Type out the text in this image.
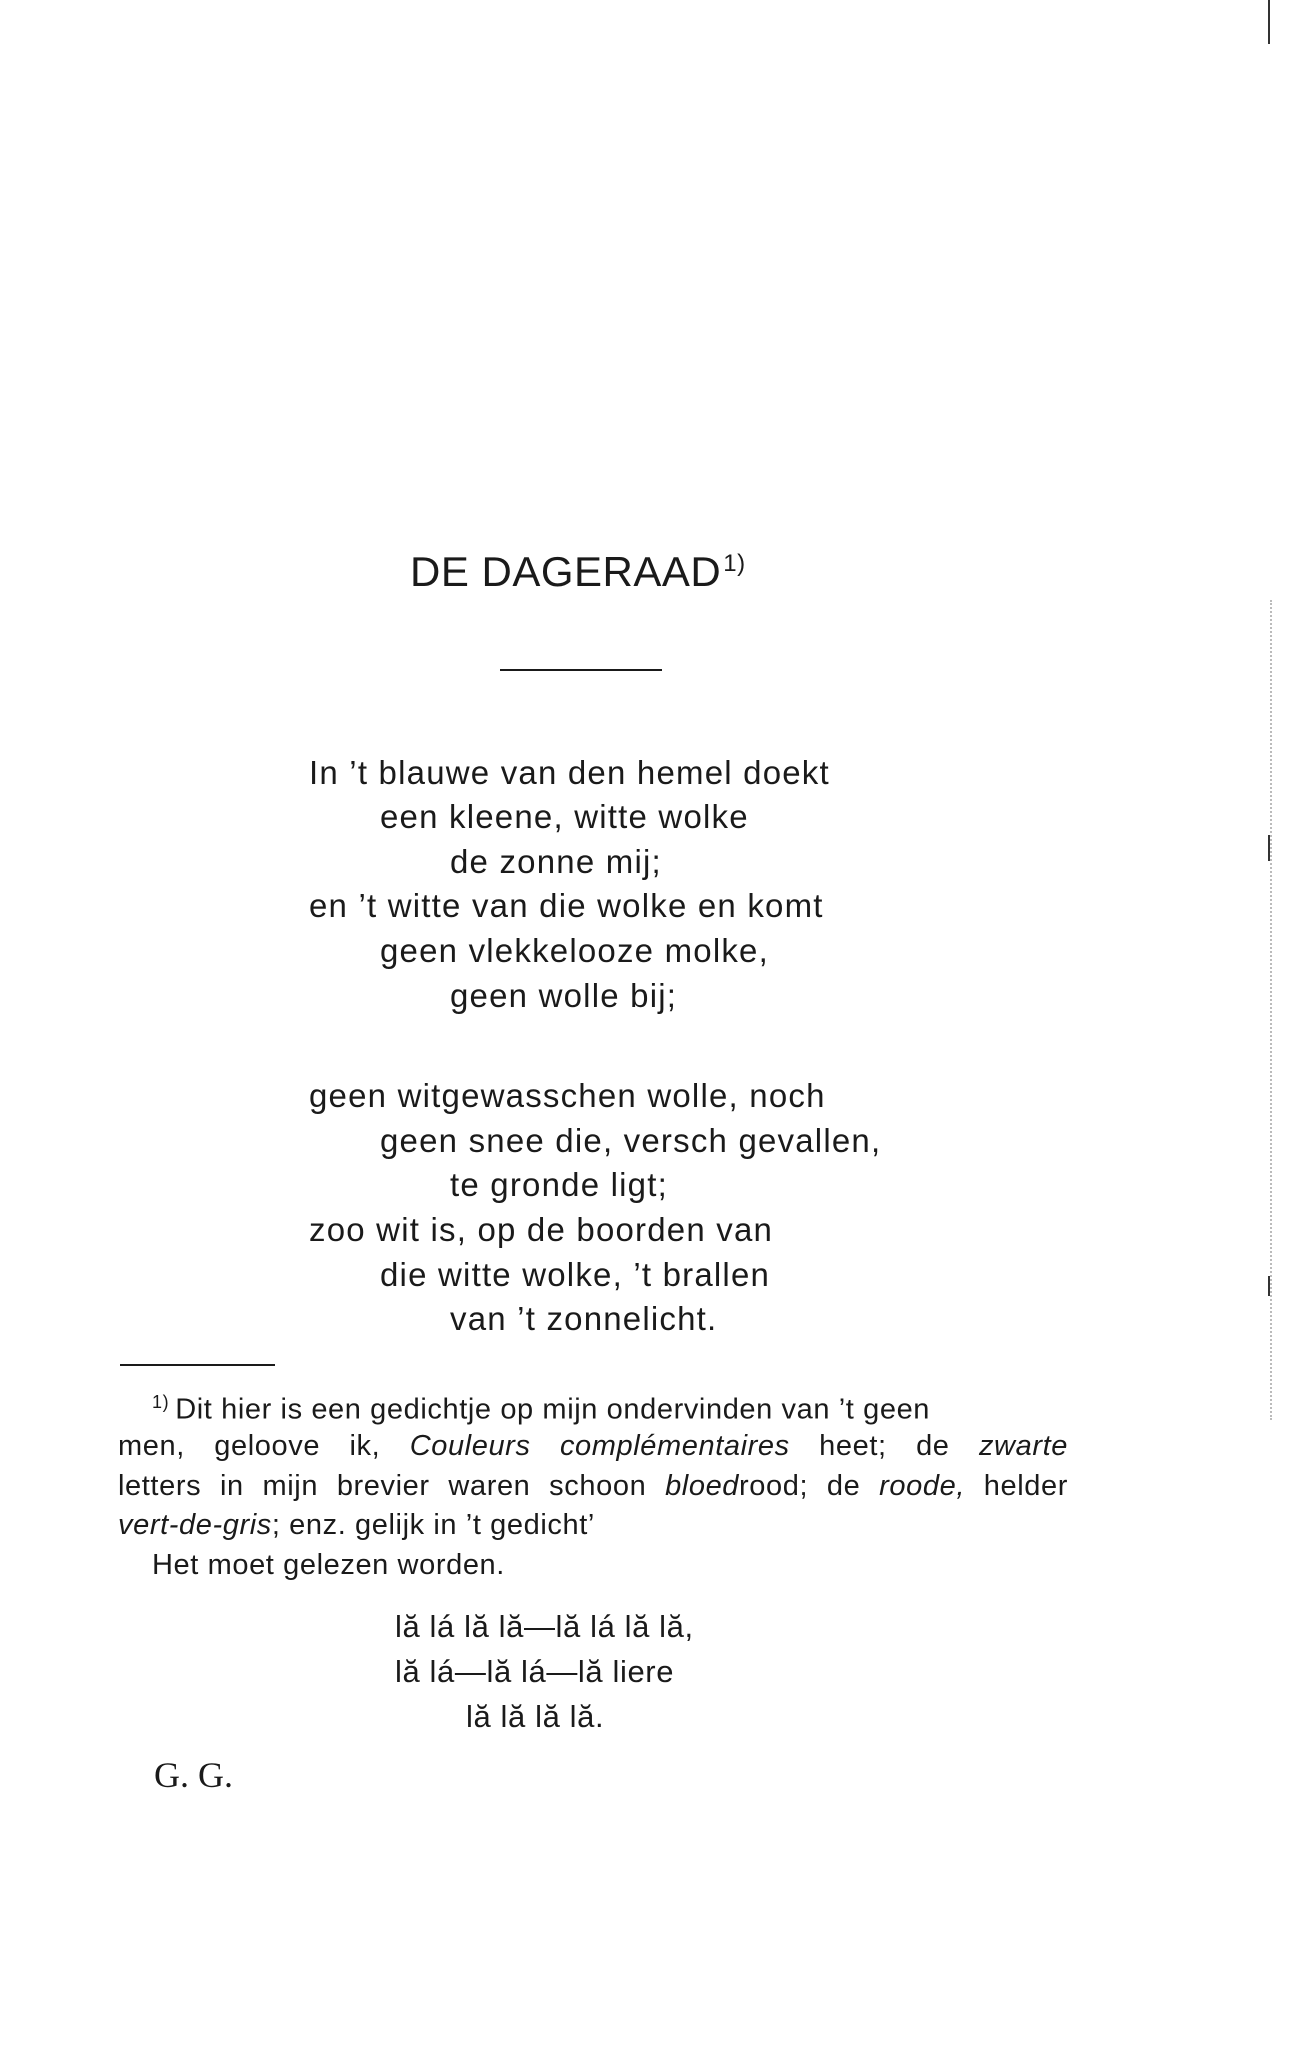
DE DAGERAAD$^{1)}$
In ’t blauwe van den hemel doekt
een kleene, witte wolke
de zonne mij;
en ’t witte van die wolke en komt
geen vlekkelooze molke,
geen wolle bij;
geen witgewasschen wolle, noch
geen snee die, versch gevallen,
te gronde ligt;
zoo wit is, op de boorden van
die witte wolke, ’t brallen
van ’t zonnelicht.
$^{1)}$ Dit hier is een gedichtje op mijn ondervinden van ’t geen
men, geloove ik, Couleurs complémentaires heet; de zwarte
letters in mijn brevier waren schoon bloedrood; de roode, helder
vert-de-gris; enz. gelijk in ’t gedicht’
Het moet gelezen worden.
lă lá lă lă—lă lá lă lă,
lă lá—lă lá—lă liere
lă lă lă lă.
G. G.
